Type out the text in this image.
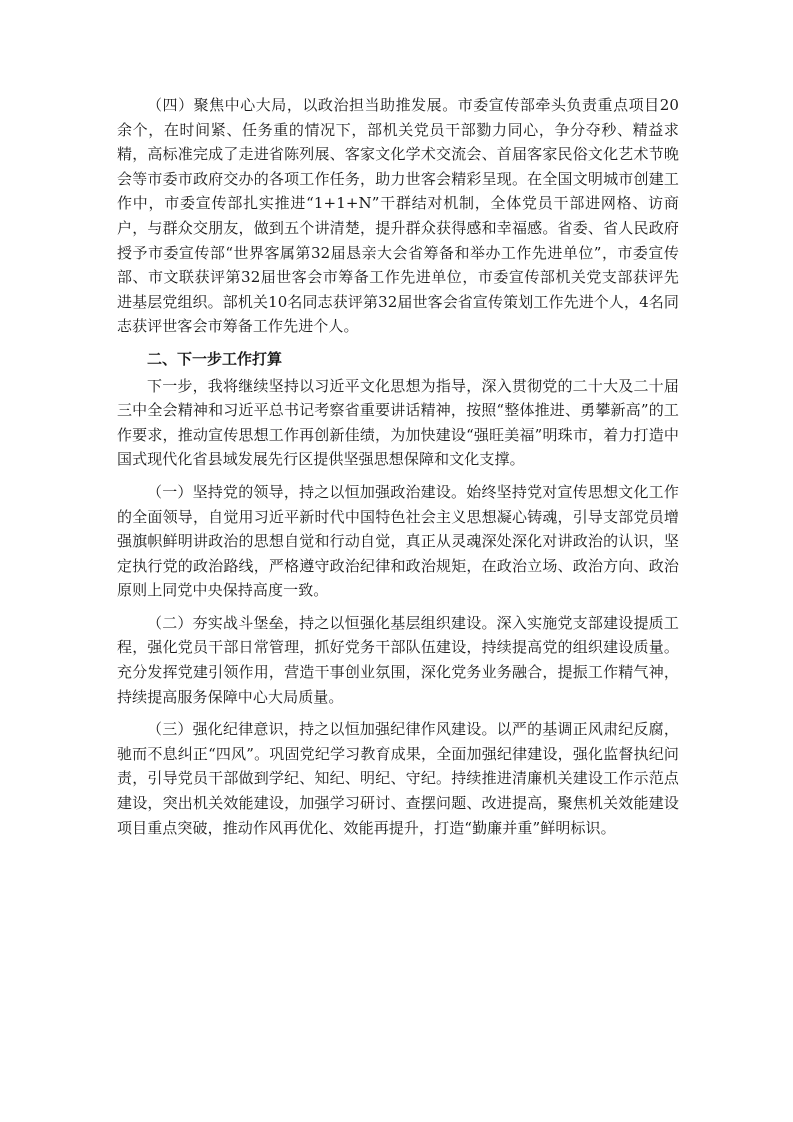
（四）聚焦中心大局，以政治担当助推发展。市委宣传部牵头负责重点项目20余个，在时间紧、任务重的情况下，部机关党员干部勠力同心，争分夺秒、精益求精，高标准完成了走进省陈列展、客家文化学术交流会、首届客家民俗文化艺术节晚会等市委市政府交办的各项工作任务，助力世客会精彩呈现。在全国文明城市创建工作中，市委宣传部扎实推进“1+1+N”干群结对机制，全体党员干部进网格、访商户，与群众交朋友，做到五个讲清楚，提升群众获得感和幸福感。省委、省人民政府授予市委宣传部“世界客属第32届恳亲大会省筹备和举办工作先进单位”，市委宣传部、市文联获评第32届世客会市筹备工作先进单位，市委宣传部机关党支部获评先进基层党组织。部机关10名同志获评第32届世客会省宣传策划工作先进个人，4名同志获评世客会市筹备工作先进个人。

二、下一步工作打算

下一步，我将继续坚持以习近平文化思想为指导，深入贯彻党的二十大及二十届三中全会精神和习近平总书记考察省重要讲话精神，按照“整体推进、勇攀新高”的工作要求，推动宣传思想工作再创新佳绩，为加快建设“强旺美福”明珠市，着力打造中国式现代化省县域发展先行区提供坚强思想保障和文化支撑。

（一）坚持党的领导，持之以恒加强政治建设。始终坚持党对宣传思想文化工作的全面领导，自觉用习近平新时代中国特色社会主义思想凝心铸魂，引导支部党员增强旗帜鲜明讲政治的思想自觉和行动自觉，真正从灵魂深处深化对讲政治的认识，坚定执行党的政治路线，严格遵守政治纪律和政治规矩，在政治立场、政治方向、政治原则上同党中央保持高度一致。

（二）夯实战斗堡垒，持之以恒强化基层组织建设。深入实施党支部建设提质工程，强化党员干部日常管理，抓好党务干部队伍建设，持续提高党的组织建设质量。充分发挥党建引领作用，营造干事创业氛围，深化党务业务融合，提振工作精气神，持续提高服务保障中心大局质量。

（三）强化纪律意识，持之以恒加强纪律作风建设。以严的基调正风肃纪反腐，驰而不息纠正“四风”。巩固党纪学习教育成果，全面加强纪律建设，强化监督执纪问责，引导党员干部做到学纪、知纪、明纪、守纪。持续推进清廉机关建设工作示范点建设，突出机关效能建设，加强学习研讨、查摆问题、改进提高，聚焦机关效能建设项目重点突破，推动作风再优化、效能再提升，打造“勤廉并重”鲜明标识。
